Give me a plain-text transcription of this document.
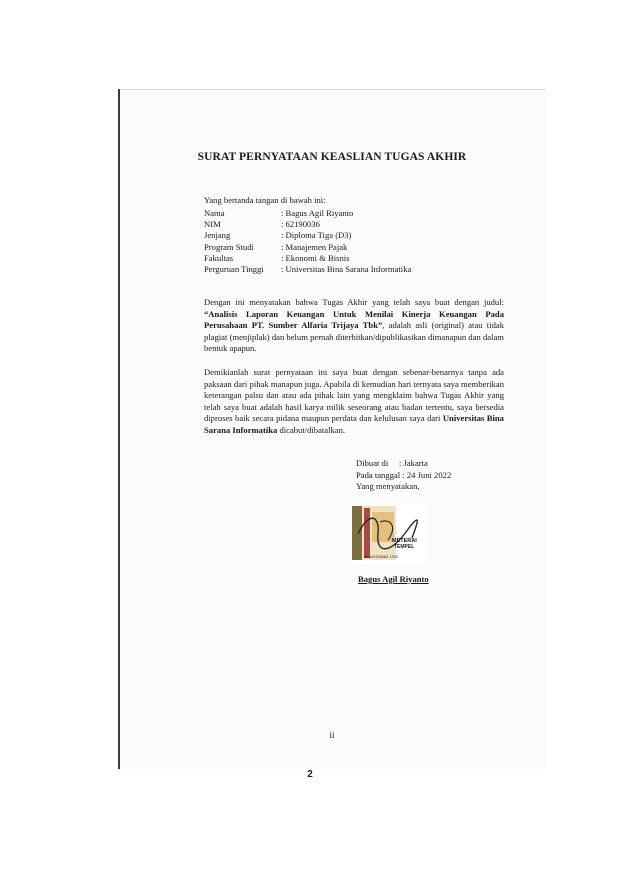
SURAT PERNYATAAN KEASLIAN TUGAS AKHIR
Yang bertanda tangan di bawah ini:
Nama	: Bagus Agil Riyanto
NIM	: 62190036
Jenjang	: Diploma Tiga (D3)
Program Studi	: Manajemen Pajak
Fakultas	: Ekonomi & Bisnis
Perguruan Tinggi	: Universitas Bina Sarana Informatika
Dengan ini menyatakan bahwa Tugas Akhir yang telah saya buat dengan judul: “Analisis Laporan Keuangan Untuk Menilai Kinerja Keuangan Pada Perusahaan PT. Sumber Alfaria Trijaya Tbk”, adalah asli (original) atau tidak plagiat (menjiplak) dan belum pernah diterbitkan/dipublikasikan dimanapun dan dalam bentuk apapun.
Demikianlah surat pernyataan ini saya buat dengan sebenar-benarnya tanpa ada paksaan dari pihak manapun juga. Apabila di kemudian hari ternyata saya memberikan keterangan palsu dan atau ada pihak lain yang mengklaim bahwa Tugas Akhir yang telah saya buat adalah hasil karya milik seseorang atau badan tertentu, saya bersedia diproses baik secara pidana maupun perdata dan kelulusan saya dari Universitas Bina Sarana Informatika dicabut/dibatalkan.
Dibuat di     : Jakarta
Pada tanggal : 24 Juni 2022
Yang menyatakan,
METERAI
TEMPEL
8AAJX225082 1703
Bagus Agil Riyanto
ii
2
